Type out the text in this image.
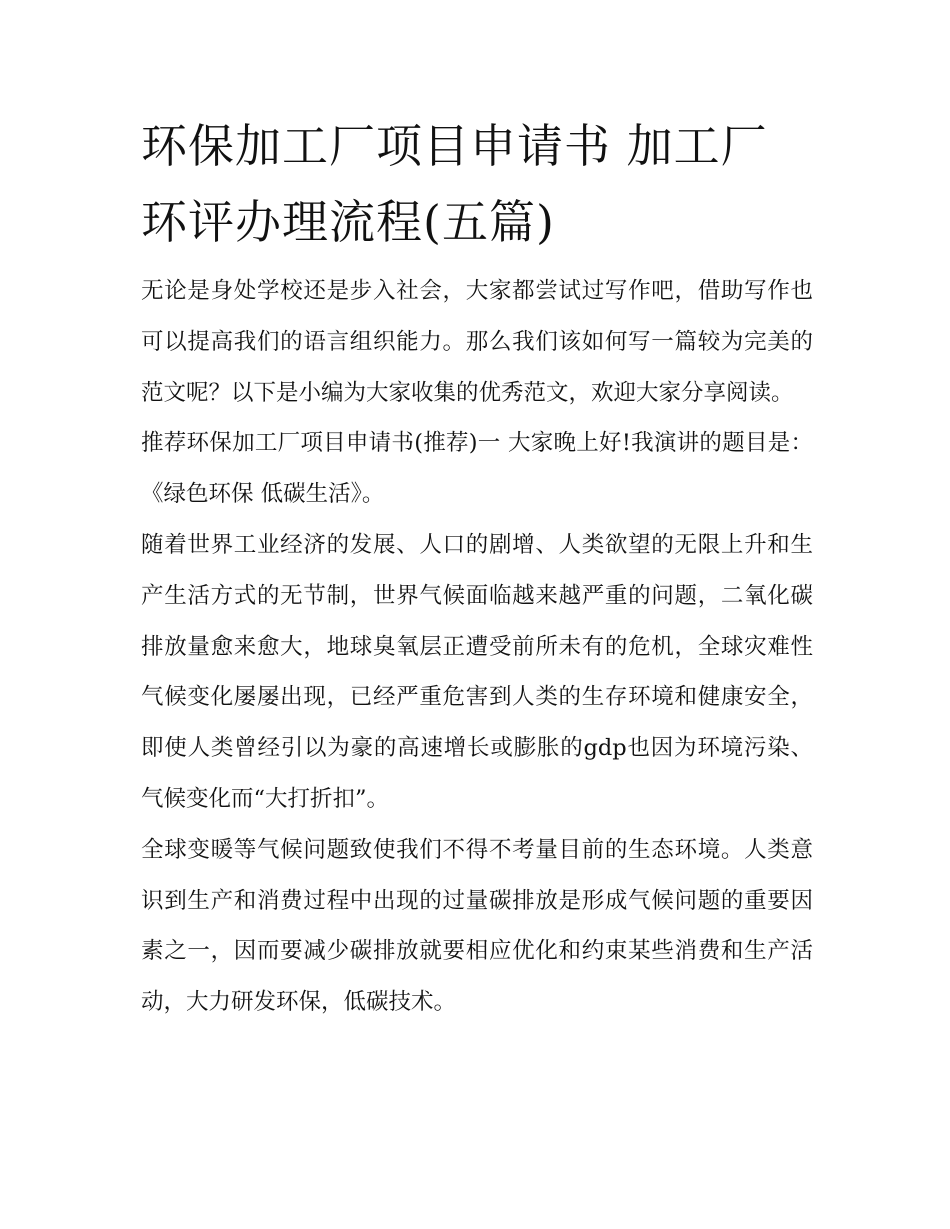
环保加工厂项目申请书 加工厂环评办理流程(五篇)

无论是身处学校还是步入社会，大家都尝试过写作吧，借助写作也可以提高我们的语言组织能力。那么我们该如何写一篇较为完美的范文呢？以下是小编为大家收集的优秀范文，欢迎大家分享阅读。

推荐环保加工厂项目申请书(推荐)一 大家晚上好!我演讲的题目是：《绿色环保 低碳生活》。

随着世界工业经济的发展、人口的剧增、人类欲望的无限上升和生产生活方式的无节制，世界气候面临越来越严重的问题，二氧化碳排放量愈来愈大，地球臭氧层正遭受前所未有的危机，全球灾难性气候变化屡屡出现，已经严重危害到人类的生存环境和健康安全，即使人类曾经引以为豪的高速增长或膨胀的gdp也因为环境污染、气候变化而“大打折扣”。

全球变暖等气候问题致使我们不得不考量目前的生态环境。人类意识到生产和消费过程中出现的过量碳排放是形成气候问题的重要因素之一，因而要减少碳排放就要相应优化和约束某些消费和生产活动，大力研发环保，低碳技术。
